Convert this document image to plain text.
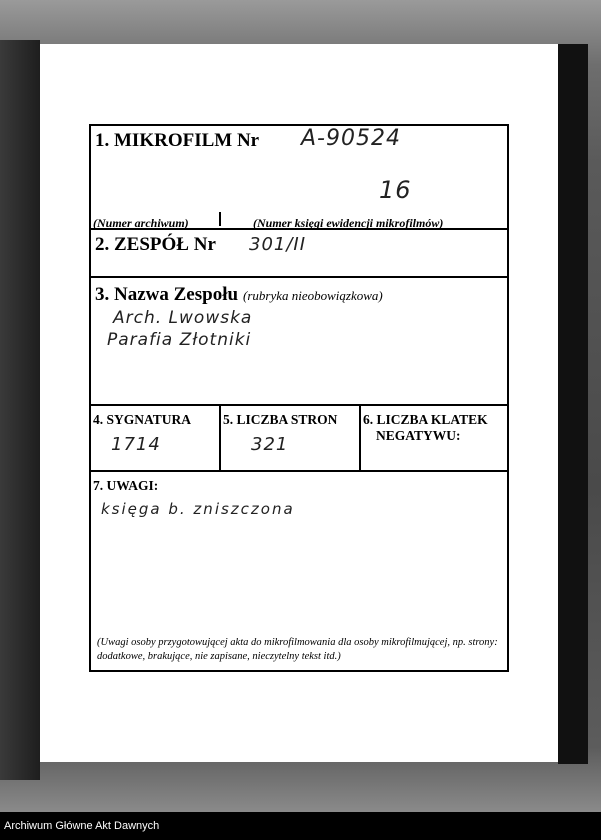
1. MIKROFILM Nr A-90524
16
(Numer archiwum)	(Numer księgi ewidencji mikrofilmów)
2. ZESPÓŁ Nr 301/II
3. Nazwa Zespołu (rubryka nieobowiązkowa)
Arch. Lwowska
Parafia Złotniki
4. SYGNATURA
1714
5. LICZBA STRON
321
6. LICZBA KLATEK
NEGATYWU:
7. UWAGI:
księga b. zniszczona
(Uwagi osoby przygotowującej akta do mikrofilmowania dla osoby mikrofilmującej, np. strony: dodatkowe, brakujące, nie zapisane, nieczytelny tekst itd.)
Archiwum Główne Akt Dawnych
